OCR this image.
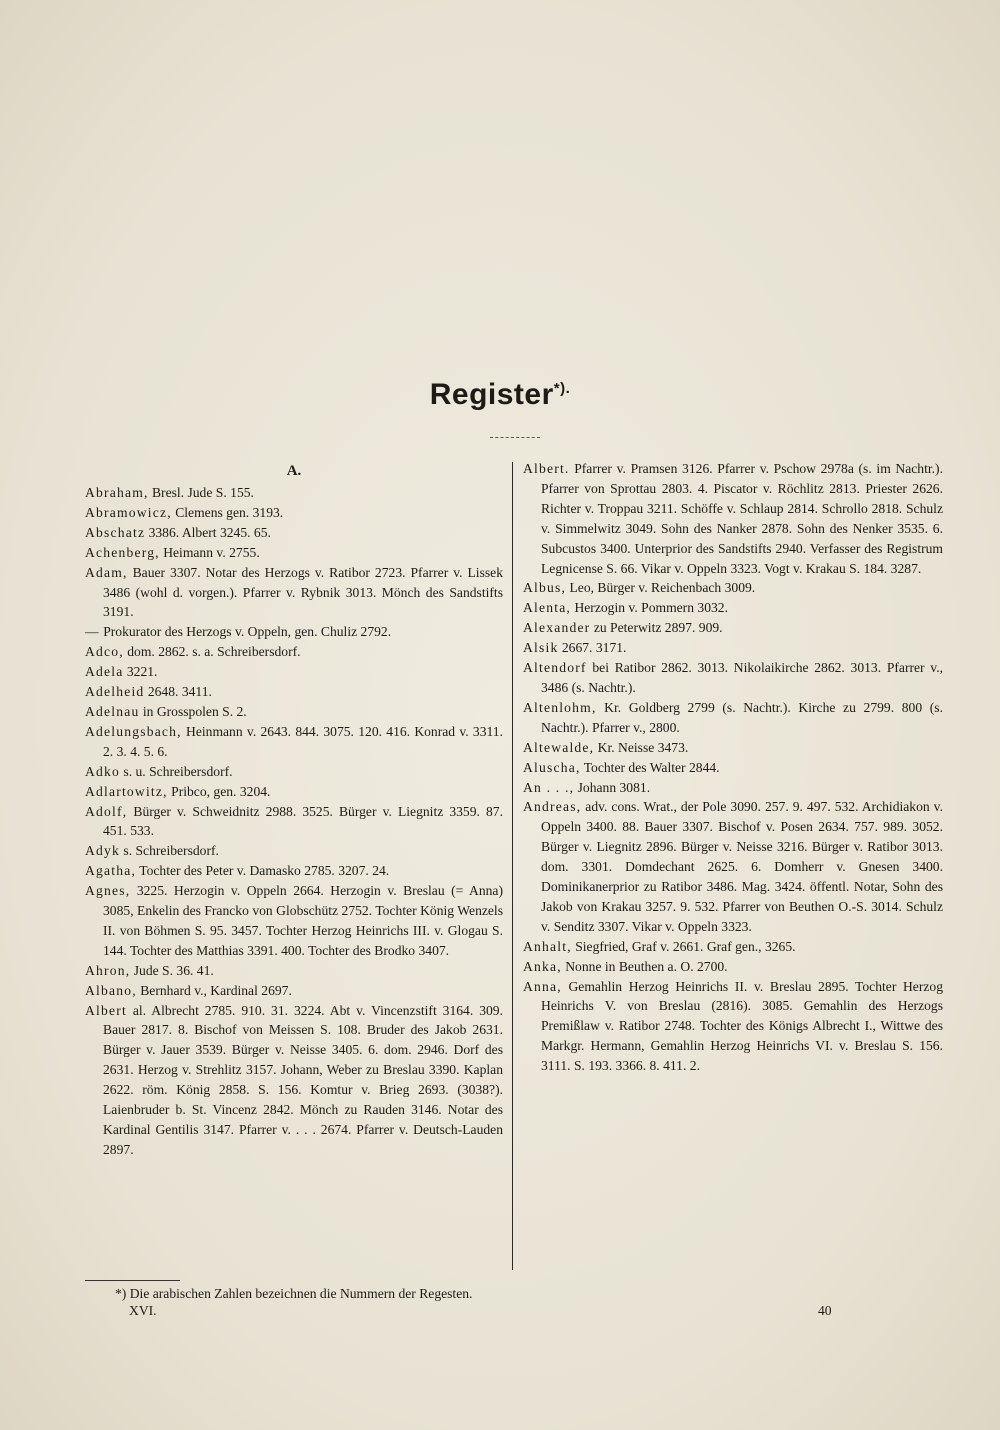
Register*).
A.
Abraham, Bresl. Jude S. 155.
Abramowicz, Clemens gen. 3193.
Abschatz 3386. Albert 3245. 65.
Achenberg, Heimann v. 2755.
Adam, Bauer 3307. Notar des Herzogs v. Ratibor 2723. Pfarrer v. Lissek 3486 (wohl d. vorgen.). Pfarrer v. Rybnik 3013. Mönch des Sandstifts 3191.
— Prokurator des Herzogs v. Oppeln, gen. Chuliz 2792.
Adco, dom. 2862. s. a. Schreibersdorf.
Adela 3221.
Adelheid 2648. 3411.
Adelnau in Grosspolen S. 2.
Adelungsbach, Heinmann v. 2643. 844. 3075. 120. 416. Konrad v. 3311. 2. 3. 4. 5. 6.
Adko s. u. Schreibersdorf.
Adlartowitz, Pribco, gen. 3204.
Adolf, Bürger v. Schweidnitz 2988. 3525. Bürger v. Liegnitz 3359. 87. 451. 533.
Adyk s. Schreibersdorf.
Agatha, Tochter des Peter v. Damasko 2785. 3207. 24.
Agnes, 3225. Herzogin v. Oppeln 2664. Herzogin v. Breslau (= Anna) 3085, Enkelin des Francko von Globschütz 2752. Tochter König Wenzels II. von Böhmen S. 95. 3457. Tochter Herzog Heinrichs III. v. Glogau S. 144. Tochter des Matthias 3391. 400. Tochter des Brodko 3407.
Ahron, Jude S. 36. 41.
Albano, Bernhard v., Kardinal 2697.
Albert al. Albrecht 2785. 910. 31. 3224. Abt v. Vincenzstift 3164. 309. Bauer 2817. 8. Bischof von Meissen S. 108. Bruder des Jakob 2631. Bürger v. Jauer 3539. Bürger v. Neisse 3405. 6. dom. 2946. Dorf des 2631. Herzog v. Strehlitz 3157. Johann, Weber zu Breslau 3390. Kaplan 2622. röm. König 2858. S. 156. Komtur v. Brieg 2693. (3038?). Laienbruder b. St. Vincenz 2842. Mönch zu Rauden 3146. Notar des Kardinal Gentilis 3147. Pfarrer v. . . . 2674. Pfarrer v. Deutsch-Lauden 2897.
Albert. Pfarrer v. Pramsen 3126. Pfarrer v. Pschow 2978a (s. im Nachtr.). Pfarrer von Sprottau 2803. 4. Piscator v. Röchlitz 2813. Priester 2626. Richter v. Troppau 3211. Schöffe v. Schlaup 2814. Schrollo 2818. Schulz v. Simmelwitz 3049. Sohn des Nanker 2878. Sohn des Nenker 3535. 6. Subcustos 3400. Unterprior des Sandstifts 2940. Verfasser des Registrum Legnicense S. 66. Vikar v. Oppeln 3323. Vogt v. Krakau S. 184. 3287.
Albus, Leo, Bürger v. Reichenbach 3009.
Alenta, Herzogin v. Pommern 3032.
Alexander zu Peterwitz 2897. 909.
Alsik 2667. 3171.
Altendorf bei Ratibor 2862. 3013. Nikolaikirche 2862. 3013. Pfarrer v., 3486 (s. Nachtr.).
Altenlohm, Kr. Goldberg 2799 (s. Nachtr.). Kirche zu 2799. 800 (s. Nachtr.). Pfarrer v., 2800.
Altewalde, Kr. Neisse 3473.
Aluscha, Tochter des Walter 2844.
An . . ., Johann 3081.
Andreas, adv. cons. Wrat., der Pole 3090. 257. 9. 497. 532. Archidiakon v. Oppeln 3400. 88. Bauer 3307. Bischof v. Posen 2634. 757. 989. 3052. Bürger v. Liegnitz 2896. Bürger v. Neisse 3216. Bürger v. Ratibor 3013. dom. 3301. Domdechant 2625. 6. Domherr v. Gnesen 3400. Dominikanerprior zu Ratibor 3486. Mag. 3424. öffentl. Notar, Sohn des Jakob von Krakau 3257. 9. 532. Pfarrer von Beuthen O.-S. 3014. Schulz v. Senditz 3307. Vikar v. Oppeln 3323.
Anhalt, Siegfried, Graf v. 2661. Graf gen., 3265.
Anka, Nonne in Beuthen a. O. 2700.
Anna, Gemahlin Herzog Heinrichs II. v. Breslau 2895. Tochter Herzog Heinrichs V. von Breslau (2816). 3085. Gemahlin des Herzogs Premißlaw v. Ratibor 2748. Tochter des Königs Albrecht I., Wittwe des Markgr. Hermann, Gemahlin Herzog Heinrichs VI. v. Breslau S. 156. 3111. S. 193. 3366. 8. 411. 2.
*) Die arabischen Zahlen bezeichnen die Nummern der Regesten.
XVI.	40
